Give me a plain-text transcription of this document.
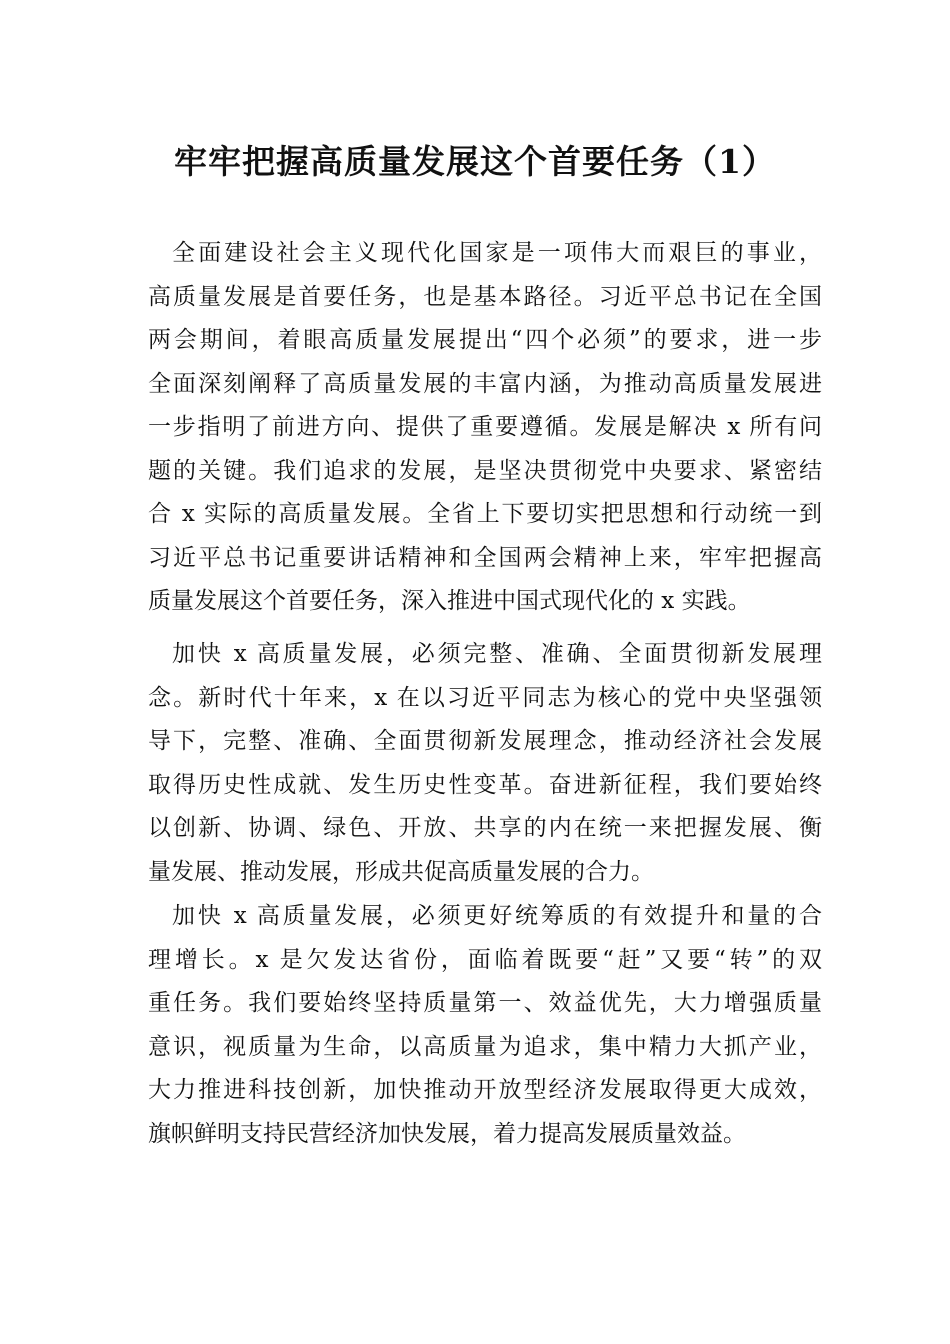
牢牢把握高质量发展这个首要任务（1）
全面建设社会主义现代化国家是一项伟大而艰巨的事业，
高质量发展是首要任务，也是基本路径。习近平总书记在全国
两会期间，着眼高质量发展提出“四个必须”的要求，进一步
全面深刻阐释了高质量发展的丰富内涵，为推动高质量发展进
一步指明了前进方向、提供了重要遵循。发展是解决 x 所有问
题的关键。我们追求的发展，是坚决贯彻党中央要求、紧密结
合 x 实际的高质量发展。全省上下要切实把思想和行动统一到
习近平总书记重要讲话精神和全国两会精神上来，牢牢把握高
质量发展这个首要任务，深入推进中国式现代化的 x 实践。
加快 x 高质量发展，必须完整、准确、全面贯彻新发展理
念。新时代十年来，x 在以习近平同志为核心的党中央坚强领
导下，完整、准确、全面贯彻新发展理念，推动经济社会发展
取得历史性成就、发生历史性变革。奋进新征程，我们要始终
以创新、协调、绿色、开放、共享的内在统一来把握发展、衡
量发展、推动发展，形成共促高质量发展的合力。
加快 x 高质量发展，必须更好统筹质的有效提升和量的合
理增长。x 是欠发达省份，面临着既要“赶”又要“转”的双
重任务。我们要始终坚持质量第一、效益优先，大力增强质量
意识，视质量为生命，以高质量为追求，集中精力大抓产业，
大力推进科技创新，加快推动开放型经济发展取得更大成效，
旗帜鲜明支持民营经济加快发展，着力提高发展质量效益。
